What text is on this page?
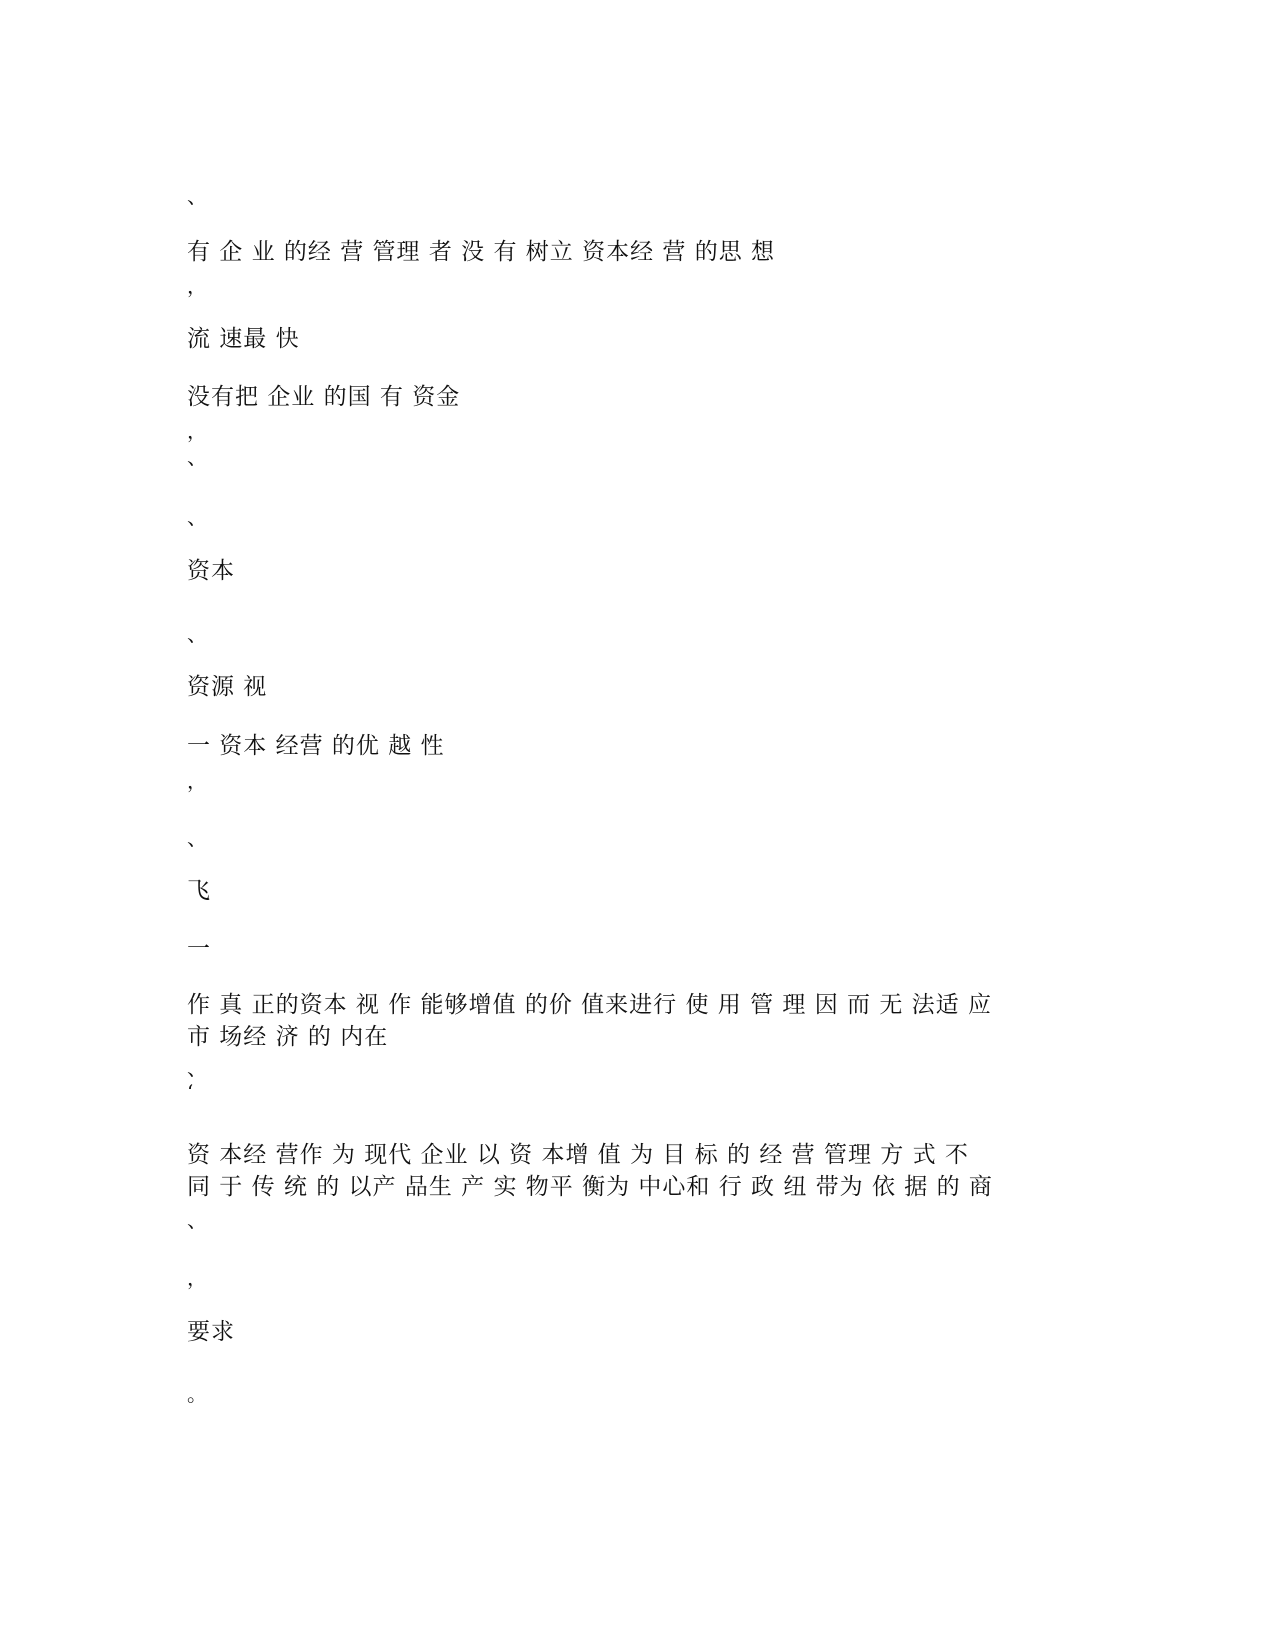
、
有 企 业 的经 营 管理 者 没 有 树立 资本经 营 的思 想
，
流 速最 快
没有把 企业 的国 有 资金
，
、
、
资本
、
资源 视
一 资本 经营 的优 越 性
，
、
飞
一
作 真 正的资本 视 作 能够增值 的价 值来进行 使 用 管 理 因 而 无 法适 应
市 场经 济 的 内在
、
‘
资 本经 营作 为 现代 企业 以 资 本增 值 为 目 标 的 经 营 管理 方 式 不
同 于 传 统 的 以产 品生 产 实 物平 衡为 中心和 行 政 纽 带为 依 据 的 商
、
，
要求
。
